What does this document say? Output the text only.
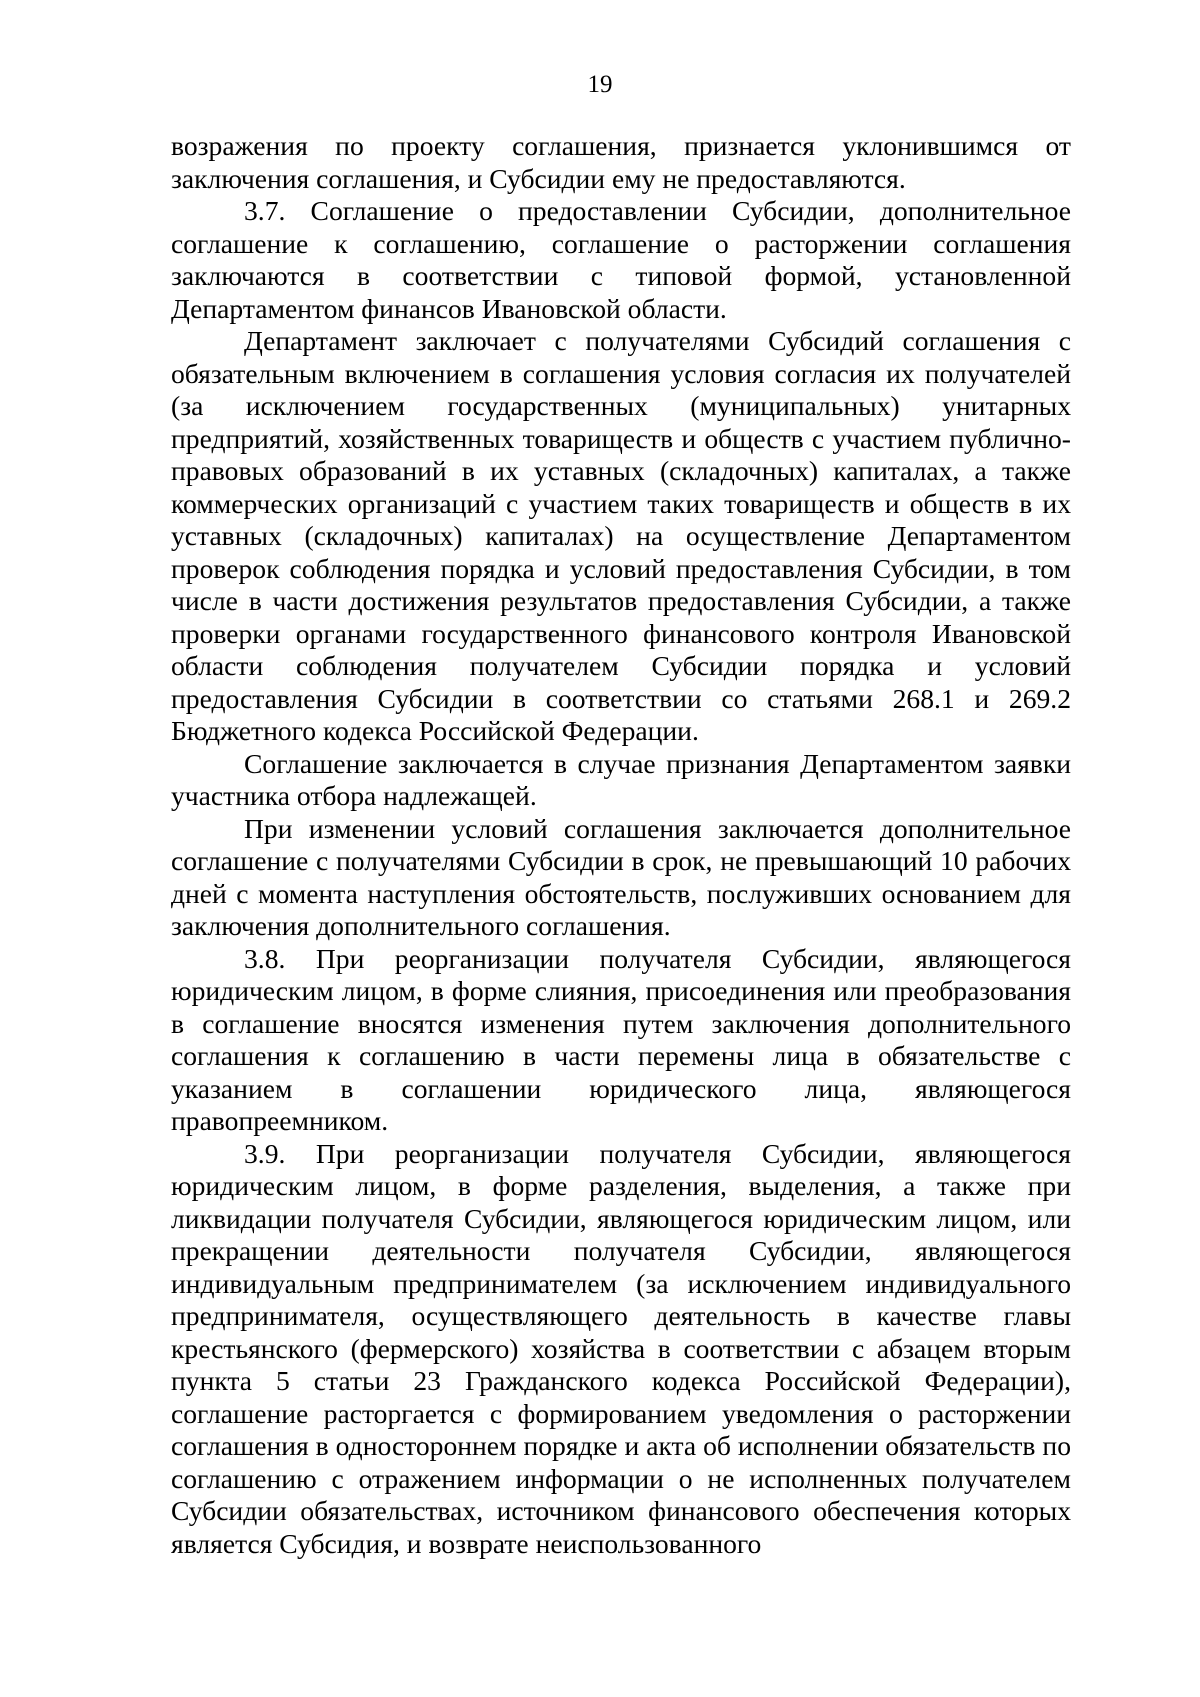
19

возражения по проекту соглашения, признается уклонившимся от заключения соглашения, и Субсидии ему не предоставляются.

3.7. Соглашение о предоставлении Субсидии, дополнительное соглашение к соглашению, соглашение о расторжении соглашения заключаются в соответствии с типовой формой, установленной Департаментом финансов Ивановской области.

Департамент заключает с получателями Субсидий соглашения с обязательным включением в соглашения условия согласия их получателей (за исключением государственных (муниципальных) унитарных предприятий, хозяйственных товариществ и обществ с участием публично-правовых образований в их уставных (складочных) капиталах, а также коммерческих организаций с участием таких товариществ и обществ в их уставных (складочных) капиталах) на осуществление Департаментом проверок соблюдения порядка и условий предоставления Субсидии, в том числе в части достижения результатов предоставления Субсидии, а также проверки органами государственного финансового контроля Ивановской области соблюдения получателем Субсидии порядка и условий предоставления Субсидии в соответствии со статьями 268.1 и 269.2 Бюджетного кодекса Российской Федерации.

Соглашение заключается в случае признания Департаментом заявки участника отбора надлежащей.

При изменении условий соглашения заключается дополнительное соглашение с получателями Субсидии в срок, не превышающий 10 рабочих дней с момента наступления обстоятельств, послуживших основанием для заключения дополнительного соглашения.

3.8. При реорганизации получателя Субсидии, являющегося юридическим лицом, в форме слияния, присоединения или преобразования в соглашение вносятся изменения путем заключения дополнительного соглашения к соглашению в части перемены лица в обязательстве с указанием в соглашении юридического лица, являющегося правопреемником.

3.9. При реорганизации получателя Субсидии, являющегося юридическим лицом, в форме разделения, выделения, а также при ликвидации получателя Субсидии, являющегося юридическим лицом, или прекращении деятельности получателя Субсидии, являющегося индивидуальным предпринимателем (за исключением индивидуального предпринимателя, осуществляющего деятельность в качестве главы крестьянского (фермерского) хозяйства в соответствии с абзацем вторым пункта 5 статьи 23 Гражданского кодекса Российской Федерации), соглашение расторгается с формированием уведомления о расторжении соглашения в одностороннем порядке и акта об исполнении обязательств по соглашению с отражением информации о не исполненных получателем Субсидии обязательствах, источником финансового обеспечения которых является Субсидия, и возврате неиспользованного
